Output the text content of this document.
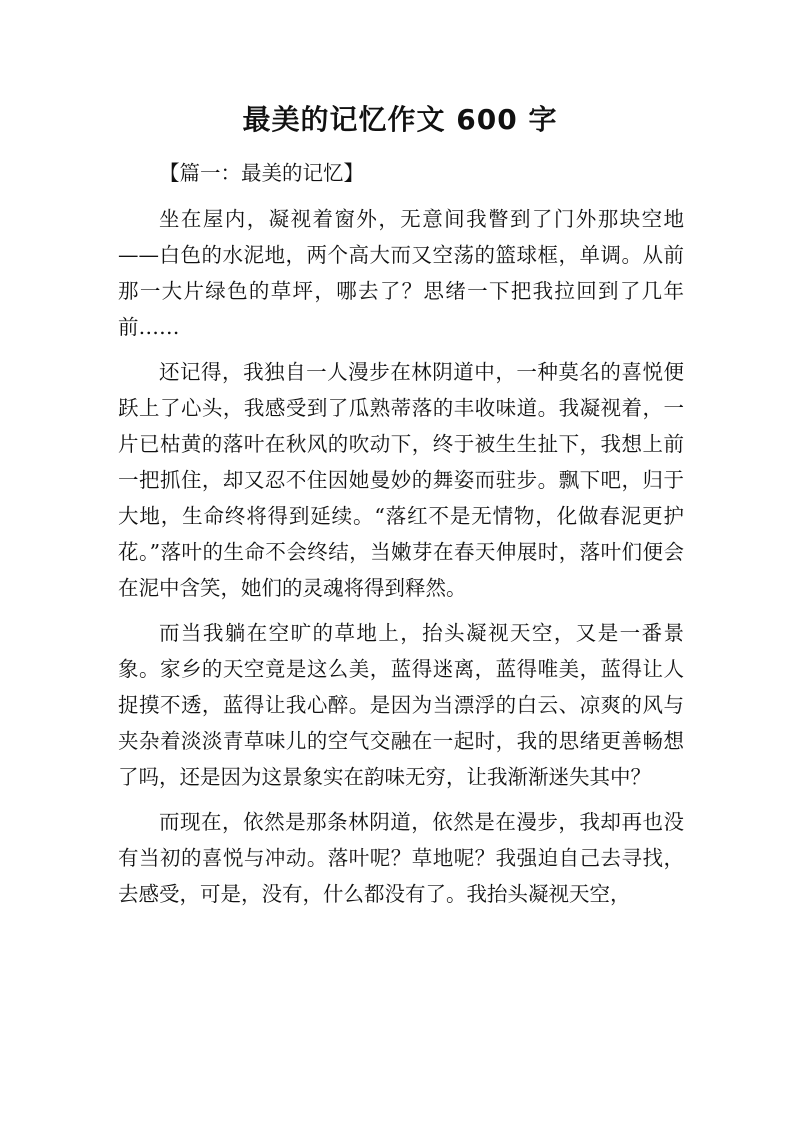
最美的记忆作文 600 字

【篇一：最美的记忆】

坐在屋内，凝视着窗外，无意间我瞥到了门外那块空地——白色的水泥地，两个高大而又空荡的篮球框，单调。从前那一大片绿色的草坪，哪去了？思绪一下把我拉回到了几年前……

还记得，我独自一人漫步在林阴道中，一种莫名的喜悦便跃上了心头，我感受到了瓜熟蒂落的丰收味道。我凝视着，一片已枯黄的落叶在秋风的吹动下，终于被生生扯下，我想上前一把抓住，却又忍不住因她曼妙的舞姿而驻步。飘下吧，归于大地，生命终将得到延续。“落红不是无情物，化做春泥更护花。”落叶的生命不会终结，当嫩芽在春天伸展时，落叶们便会在泥中含笑，她们的灵魂将得到释然。

而当我躺在空旷的草地上，抬头凝视天空，又是一番景象。家乡的天空竟是这么美，蓝得迷离，蓝得唯美，蓝得让人捉摸不透，蓝得让我心醉。是因为当漂浮的白云、凉爽的风与夹杂着淡淡青草味儿的空气交融在一起时，我的思绪更善畅想了吗，还是因为这景象实在韵味无穷，让我渐渐迷失其中？

而现在，依然是那条林阴道，依然是在漫步，我却再也没有当初的喜悦与冲动。落叶呢？草地呢？我强迫自己去寻找，去感受，可是，没有，什么都没有了。我抬头凝视天空，
